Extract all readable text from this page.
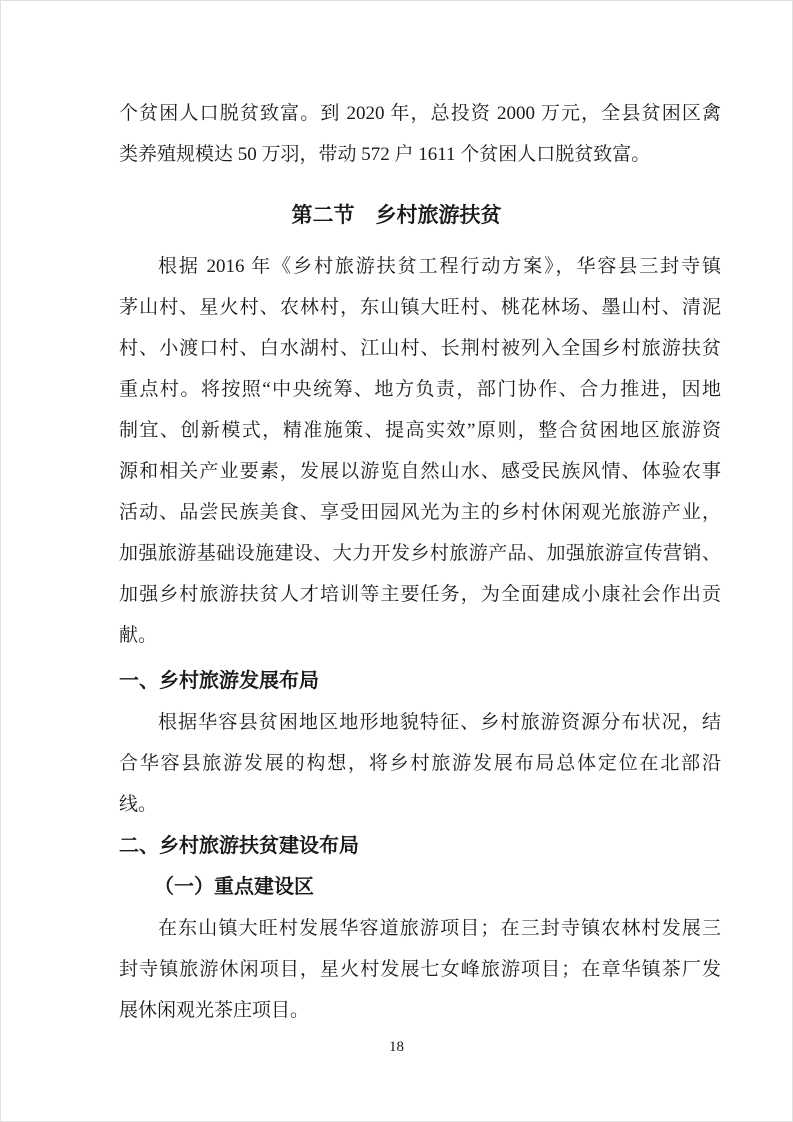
个贫困人口脱贫致富。到 2020 年，总投资 2000 万元，全县贫困区禽
类养殖规模达 50 万羽，带动 572 户 1611 个贫困人口脱贫致富。
第二节　乡村旅游扶贫
根据 2016 年《乡村旅游扶贫工程行动方案》，华容县三封寺镇
茅山村、星火村、农林村，东山镇大旺村、桃花林场、墨山村、清泥
村、小渡口村、白水湖村、江山村、长荆村被列入全国乡村旅游扶贫
重点村。将按照“中央统筹、地方负责，部门协作、合力推进，因地
制宜、创新模式，精准施策、提高实效”原则，整合贫困地区旅游资
源和相关产业要素，发展以游览自然山水、感受民族风情、体验农事
活动、品尝民族美食、享受田园风光为主的乡村休闲观光旅游产业，
加强旅游基础设施建设、大力开发乡村旅游产品、加强旅游宣传营销、
加强乡村旅游扶贫人才培训等主要任务，为全面建成小康社会作出贡
献。
一、乡村旅游发展布局
根据华容县贫困地区地形地貌特征、乡村旅游资源分布状况，结
合华容县旅游发展的构想，将乡村旅游发展布局总体定位在北部沿
线。
二、乡村旅游扶贫建设布局
（一）重点建设区
在东山镇大旺村发展华容道旅游项目；在三封寺镇农林村发展三
封寺镇旅游休闲项目，星火村发展七女峰旅游项目；在章华镇茶厂发
展休闲观光茶庄项目。
18
